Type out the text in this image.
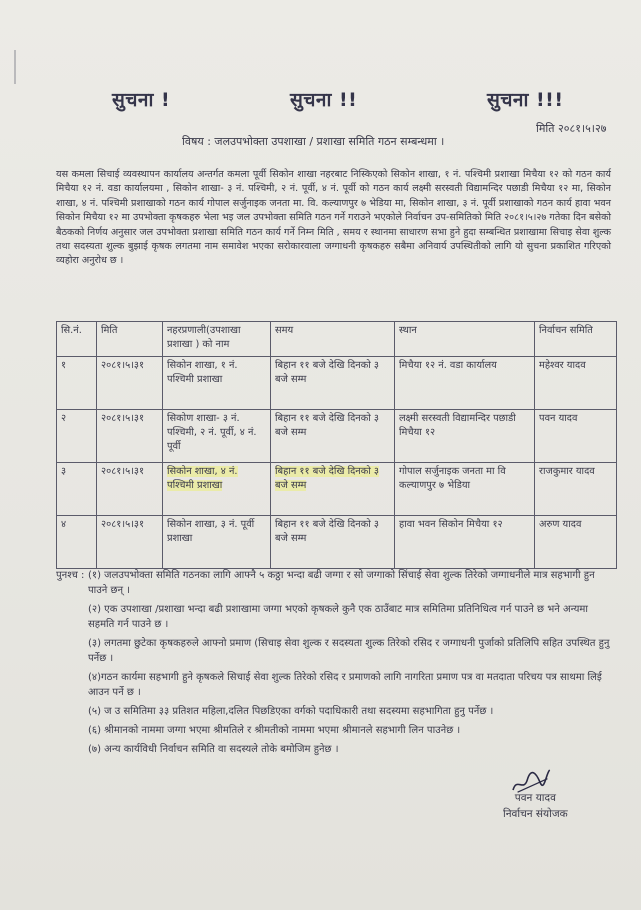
सुचना !	सुचना !!	सुचना !!!
मिति २०८१।५।२७
विषय : जलउपभोक्ता उपशाखा / प्रशाखा समिति गठन सम्बन्धमा ।
यस कमला सिचाई व्यवस्थापन कार्यालय अन्तर्गत कमला पूर्वी सिकोन शाखा नहरबाट निस्किएको सिकोन शाखा, १ नं. पश्चिमी प्रशाखा मिचैया १२ को गठन कार्य मिचैया १२ नं. वडा कार्यालयमा , सिकोन शाखा- ३ नं. पश्चिमी, २ नं. पूर्वी, ४ नं. पूर्वी को गठन कार्य लक्ष्मी सरस्वती विद्यामन्दिर पछाडी मिचैया १२ मा, सिकोन शाखा, ४ नं. पश्चिमी प्रशाखाको गठन कार्य गोपाल सर्जुनाइक जनता मा. वि. कल्याणपुर ७ भेडिया मा, सिकोन शाखा, ३ नं. पूर्वी प्रशाखाको गठन कार्य हावा भवन सिकोन मिचैया १२ मा उपभोक्ता कृषकहरु भेला भइ जल उपभोक्ता समिति गठन गर्ने गराउने भएकोले निर्वाचन उप-समितिको मिति २०८१।५।२७ गतेका दिन बसेको बैठकको निर्णय अनुसार जल उपभोक्ता प्रशाखा समिति गठन कार्य गर्ने निम्न मिति , समय र स्थानमा साधारण सभा हुने हुदा सम्बन्धित प्रशाखामा सिचाइ सेवा शुल्क तथा सदस्यता शुल्क बुझाई कृषक लगतमा नाम समावेश भएका सरोकारवाला जग्गाधनी कृषकहरु सबैमा अनिवार्य उपस्थितीको लागि यो सुचना प्रकाशित गरिएको व्यहोरा अनुरोध छ ।
सि.नं.	मिति	नहरप्रणाली(उपशाखा प्रशाखा ) को नाम	समय	स्थान	निर्वाचन समिति
१	२०८१।५।३१	सिकोन शाखा, १ नं. पश्चिमी प्रशाखा	बिहान ११ बजे देखि दिनको ३ बजे सम्म	मिचैया १२ नं. वडा कार्यालय	महेश्वर यादव
२	२०८१।५।३१	सिकोण शाखा- ३ नं. पश्चिमी, २ नं. पूर्वी, ४ नं. पूर्वी	बिहान ११ बजे देखि दिनको ३ बजे सम्म	लक्ष्मी सरस्वती विद्यामन्दिर पछाडी मिचैया १२	पवन यादव
३	२०८१।५।३१	सिकोन शाखा, ४ नं. पश्चिमी प्रशाखा	बिहान ११ बजे देखि दिनको ३ बजे सम्म	गोपाल सर्जुनाइक जनता मा वि कल्याणपुर ७ भेडिया	राजकुमार यादव
४	२०८१।५।३१	सिकोन शाखा, ३ नं. पूर्वी प्रशाखा	बिहान ११ बजे देखि दिनको ३ बजे सम्म	हावा भवन सिकोन मिचैया १२	अरुण यादव
पुनश्च : (१) जलउपभोक्ता समिति गठनका लागि आफ्नै ५ कठ्ठा भन्दा बढी जग्गा र सो जग्गाको सिंचाई सेवा शुल्क तिरेको जग्गाधनीले मात्र सहभागी हुन पाउने छन् ।
(२) एक उपशाखा /प्रशाखा भन्दा बढी प्रशाखामा जग्गा भएको कृषकले कुनै एक ठाउँबाट मात्र समितिमा प्रतिनिधित्व गर्न पाउने छ भने अन्यमा सहमति गर्न पाउने छ ।
(३) लगतमा छुटेका कृषकहरुले आफ्नो प्रमाण (सिचाइ सेवा शुल्क र सदस्यता शुल्क तिरेको रसिद र जग्गाधनी पुर्जाको प्रतिलिपि सहित उपस्थित हुनु पर्नेछ ।
(४)गठन कार्यमा सहभागी हुने कृषकले सिचाई सेवा शुल्क तिरेको रसिद र प्रमाणको लागि नागरिता प्रमाण पत्र वा मतदाता परिचय पत्र साथमा लिई आउन पर्ने छ ।
(५) ज उ समितिमा ३३ प्रतिशत महिला,दलित पिछडिएका वर्गको पदाधिकारी तथा सदस्यमा सहभागिता हुनु पर्नेछ ।
(६) श्रीमानको नाममा जग्गा भएमा श्रीमतिले र श्रीमतीको नाममा भएमा श्रीमानले सहभागी लिन पाउनेछ ।
(७) अन्य कार्यविधी निर्वाचन समिति वा सदस्यले तोके बमोजिम हुनेछ ।
पवन यादव
निर्वाचन संयोजक
